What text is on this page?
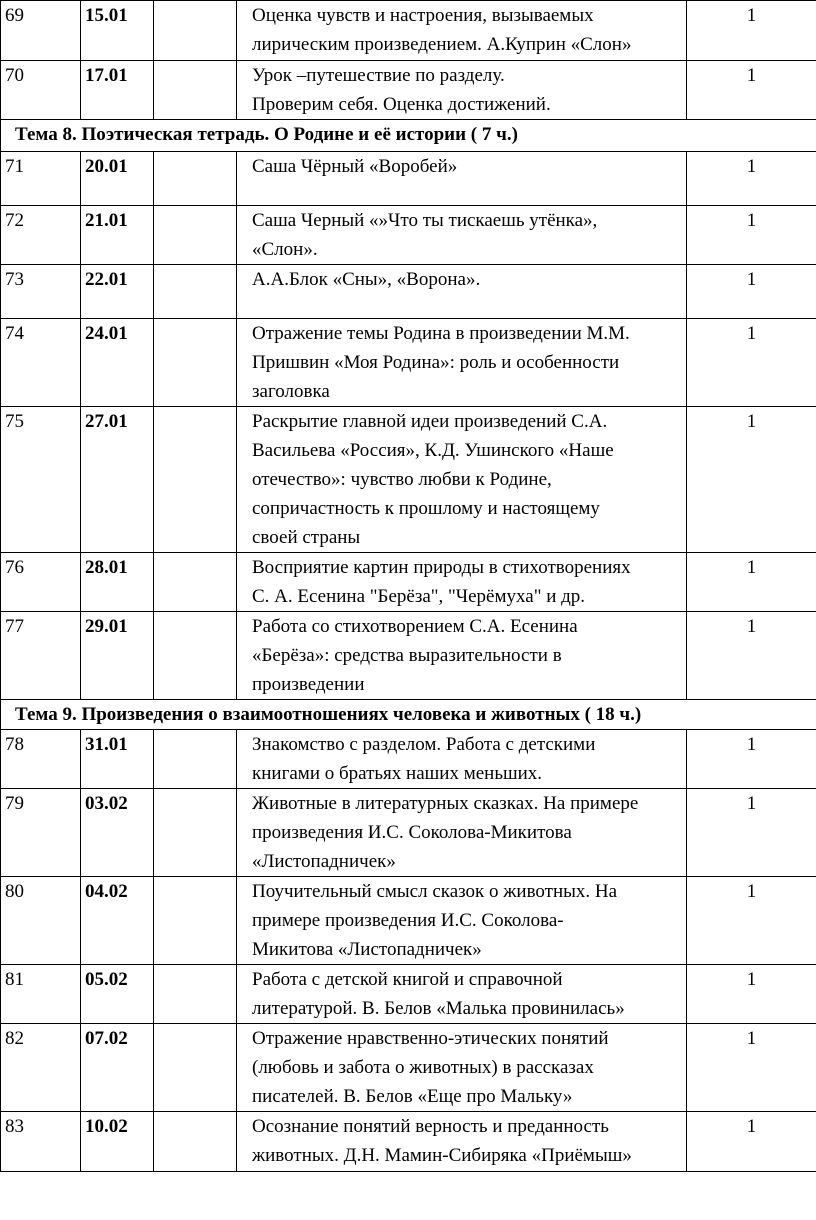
69	15.01		Оценка чувств и настроения, вызываемых
лирическим произведением. А.Куприн «Слон»	1
70	17.01		Урок –путешествие по разделу.
Проверим себя. Оценка достижений.	1
Тема 8. Поэтическая тетрадь. О Родине и её истории ( 7 ч.)				
71	20.01		Саша Чёрный «Воробей»	1
72	21.01		Саша Черный «»Что ты тискаешь утёнка»,
«Слон».	1
73	22.01		А.А.Блок «Сны», «Ворона».	1
74	24.01		Отражение темы Родина в произведении М.М.
Пришвин «Моя Родина»: роль и особенности
заголовка	1
75	27.01		Раскрытие главной идеи произведений С.А.
Васильева «Россия», К.Д. Ушинского «Наше
отечество»: чувство любви к Родине,
сопричастность к прошлому и настоящему
своей страны	1
76	28.01		Восприятие картин природы в стихотворениях
С. А. Есенина "Берёза", "Черёмуха" и др.	1
77	29.01		Работа со стихотворением С.А. Есенина
«Берёза»: средства выразительности в
произведении	1
Тема 9. Произведения о взаимоотношениях человека и животных ( 18 ч.)				
78	31.01		Знакомство с разделом. Работа с детскими
книгами о братьях наших меньших.	1
79	03.02		Животные в литературных сказках. На примере
произведения И.С. Соколова-Микитова
«Листопадничек»	1
80	04.02		Поучительный смысл сказок о животных. На
примере произведения И.С. Соколова-
Микитова «Листопадничек»	1
81	05.02		Работа с детской книгой и справочной
литературой. В. Белов «Малька провинилась»	1
82	07.02		Отражение нравственно-этических понятий
(любовь и забота о животных) в рассказах
писателей. В. Белов «Еще про Мальку»	1
83	10.02		Осознание понятий верность и преданность
животных. Д.Н. Мамин-Сибиряка «Приёмыш»	1
